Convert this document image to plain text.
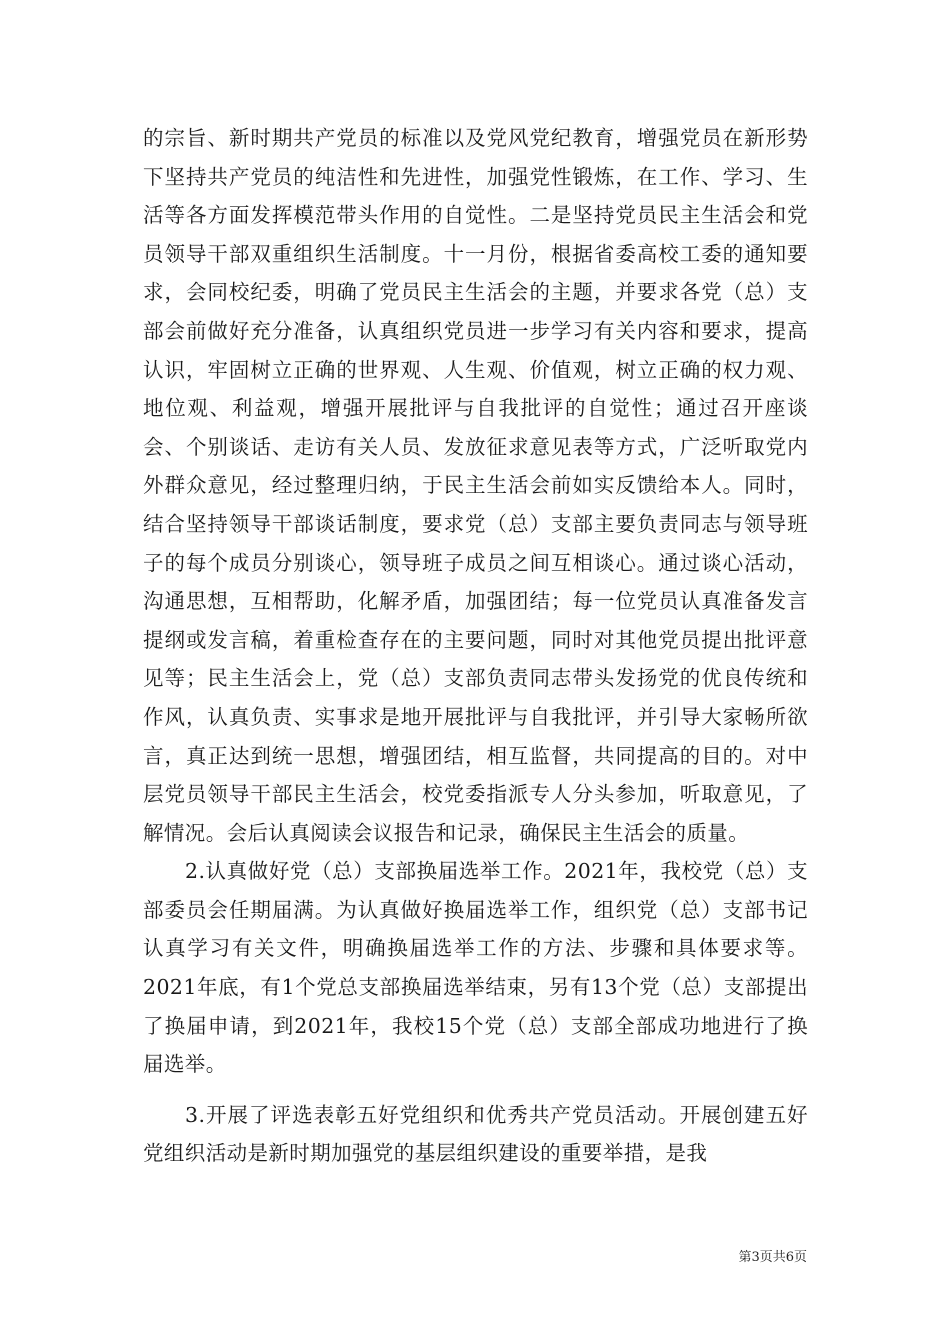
的宗旨、新时期共产党员的标准以及党风党纪教育，增强党员在新形势下坚持共产党员的纯洁性和先进性，加强党性锻炼，在工作、学习、生活等各方面发挥模范带头作用的自觉性。二是坚持党员民主生活会和党员领导干部双重组织生活制度。十一月份，根据省委高校工委的通知要求，会同校纪委，明确了党员民主生活会的主题，并要求各党（总）支部会前做好充分准备，认真组织党员进一步学习有关内容和要求，提高认识，牢固树立正确的世界观、人生观、价值观，树立正确的权力观、地位观、利益观，增强开展批评与自我批评的自觉性；通过召开座谈会、个别谈话、走访有关人员、发放征求意见表等方式，广泛听取党内外群众意见，经过整理归纳，于民主生活会前如实反馈给本人。同时，结合坚持领导干部谈话制度，要求党（总）支部主要负责同志与领导班子的每个成员分别谈心，领导班子成员之间互相谈心。通过谈心活动，沟通思想，互相帮助，化解矛盾，加强团结；每一位党员认真准备发言提纲或发言稿，着重检查存在的主要问题，同时对其他党员提出批评意见等；民主生活会上，党（总）支部负责同志带头发扬党的优良传统和作风，认真负责、实事求是地开展批评与自我批评，并引导大家畅所欲言，真正达到统一思想，增强团结，相互监督，共同提高的目的。对中层党员领导干部民主生活会，校党委指派专人分头参加，听取意见，了解情况。会后认真阅读会议报告和记录，确保民主生活会的质量。

2.认真做好党（总）支部换届选举工作。2021年，我校党（总）支部委员会任期届满。为认真做好换届选举工作，组织党（总）支部书记认真学习有关文件，明确换届选举工作的方法、步骤和具体要求等。2021年底，有1个党总支部换届选举结束，另有13个党（总）支部提出了换届申请，到2021年，我校15个党（总）支部全部成功地进行了换届选举。

3.开展了评选表彰五好党组织和优秀共产党员活动。开展创建五好党组织活动是新时期加强党的基层组织建设的重要举措，是我

第3页共6页
